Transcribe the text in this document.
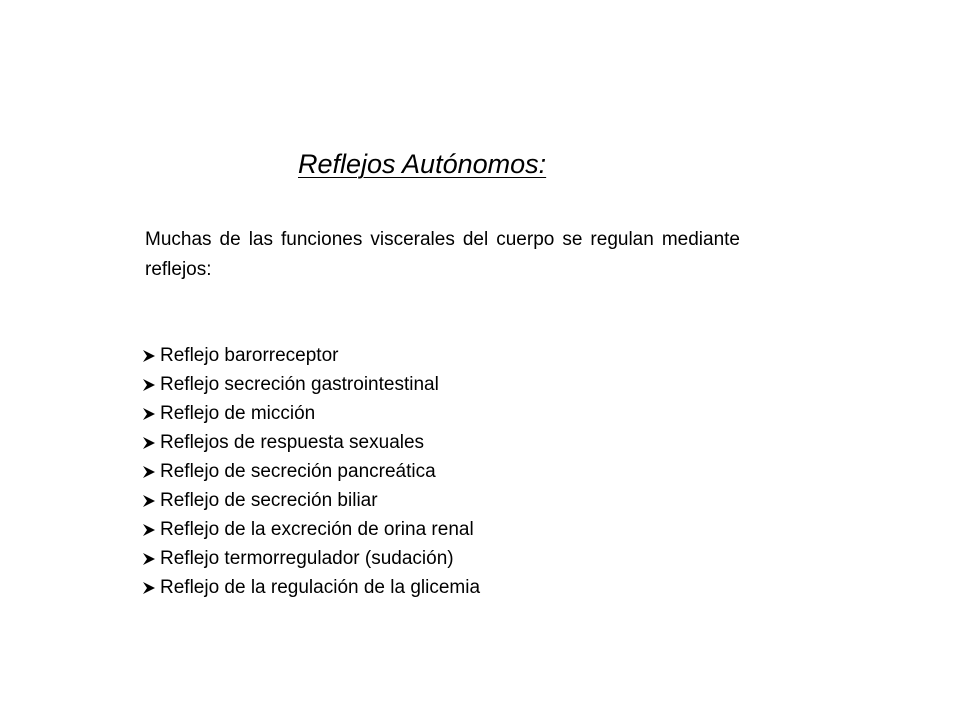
Reflejos Autónomos:

Muchas de las funciones viscerales del cuerpo se regulan mediante reflejos:

Reflejo barorreceptor
Reflejo secreción gastrointestinal
Reflejo de micción
Reflejos de respuesta sexuales
Reflejo de secreción pancreática
Reflejo de secreción biliar
Reflejo de la excreción de orina renal
Reflejo termorregulador (sudación)
Reflejo de la regulación de la glicemia
